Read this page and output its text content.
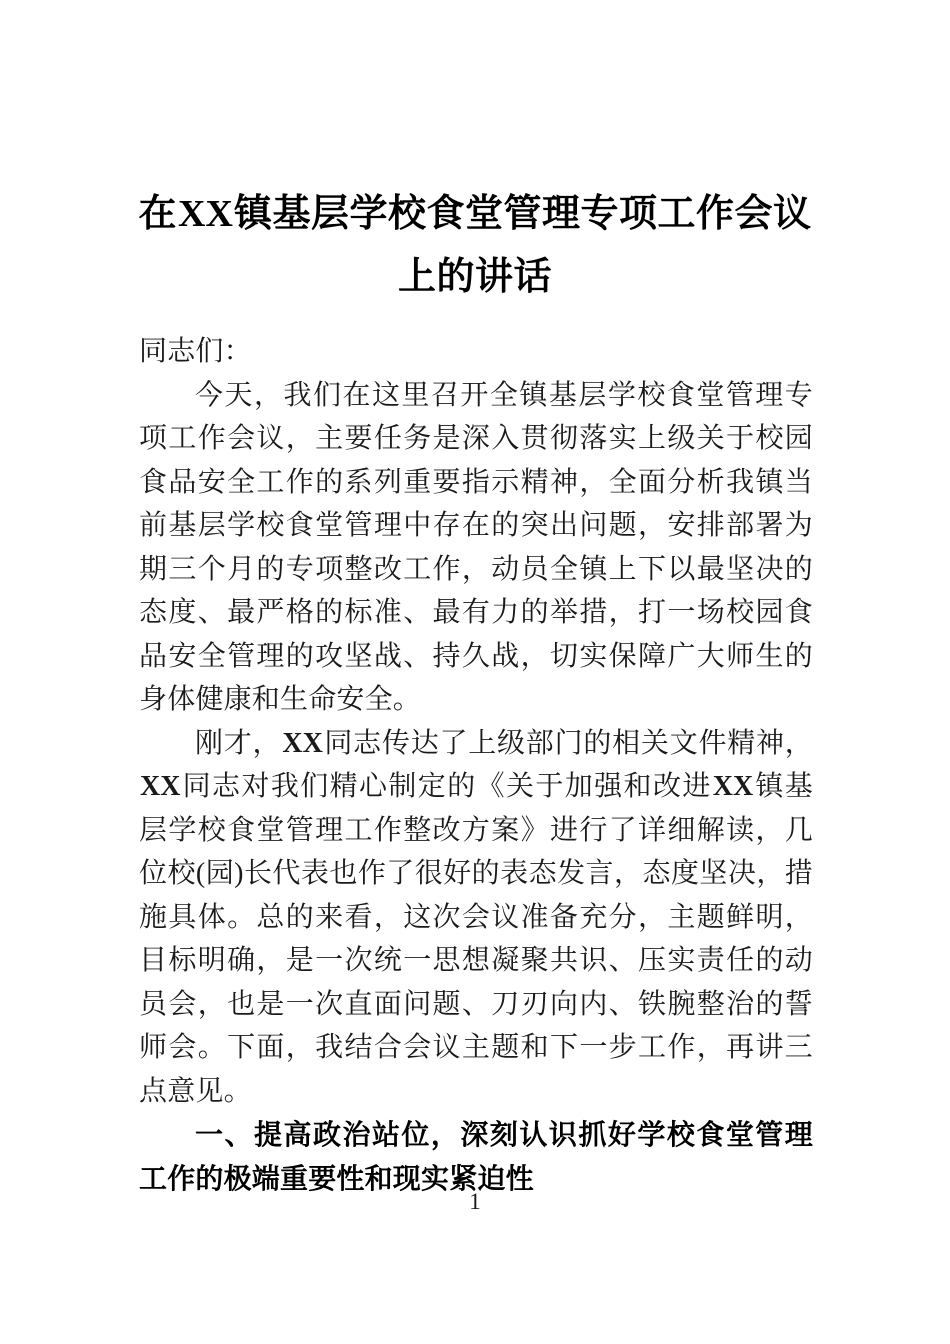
在XX镇基层学校食堂管理专项工作会议上的讲话

同志们：

今天，我们在这里召开全镇基层学校食堂管理专项工作会议，主要任务是深入贯彻落实上级关于校园食品安全工作的系列重要指示精神，全面分析我镇当前基层学校食堂管理中存在的突出问题，安排部署为期三个月的专项整改工作，动员全镇上下以最坚决的态度、最严格的标准、最有力的举措，打一场校园食品安全管理的攻坚战、持久战，切实保障广大师生的身体健康和生命安全。

刚才，XX同志传达了上级部门的相关文件精神，XX同志对我们精心制定的《关于加强和改进XX镇基层学校食堂管理工作整改方案》进行了详细解读，几位校(园)长代表也作了很好的表态发言，态度坚决，措施具体。总的来看，这次会议准备充分，主题鲜明，目标明确，是一次统一思想凝聚共识、压实责任的动员会，也是一次直面问题、刀刃向内、铁腕整治的誓师会。下面，我结合会议主题和下一步工作，再讲三点意见。

一、提高政治站位，深刻认识抓好学校食堂管理工作的极端重要性和现实紧迫性

1
